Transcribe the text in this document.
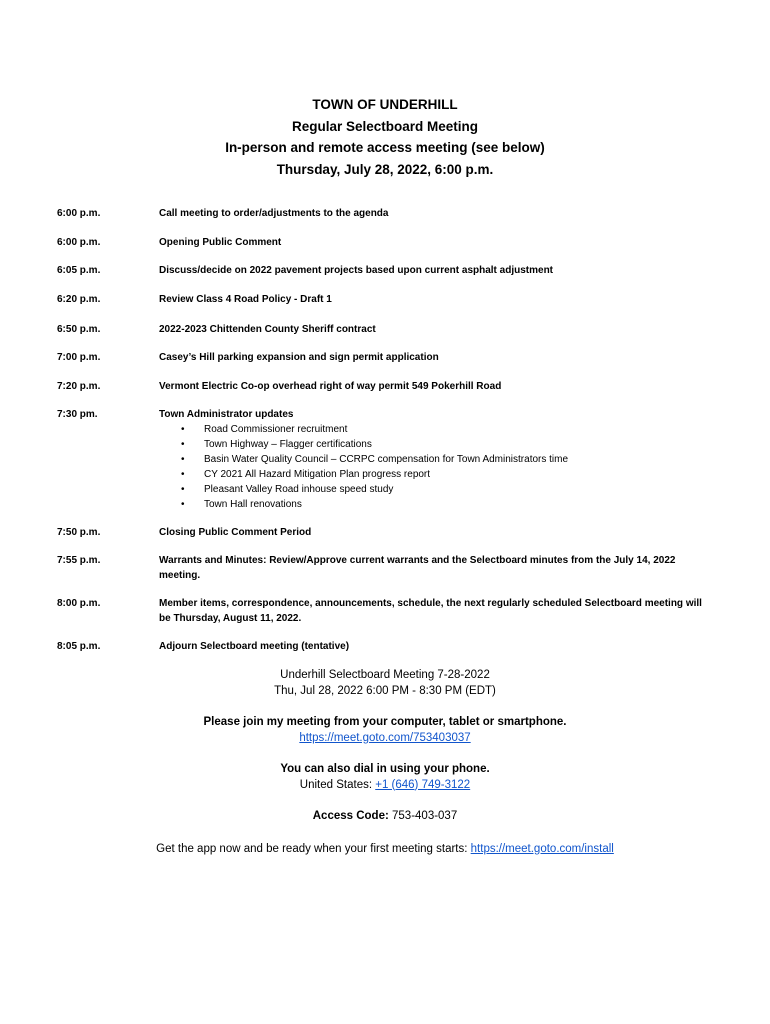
TOWN OF UNDERHILL
Regular Selectboard Meeting
In-person and remote access meeting (see below)
Thursday, July 28, 2022, 6:00 p.m.
6:00 p.m.	Call meeting to order/adjustments to the agenda
6:00 p.m.	Opening Public Comment
6:05 p.m.	Discuss/decide on 2022 pavement projects based upon current asphalt adjustment
6:20 p.m.	Review Class 4 Road Policy - Draft 1
6:50 p.m.	2022-2023 Chittenden County Sheriff contract
7:00 p.m.	Casey’s Hill parking expansion and sign permit application
7:20 p.m.	Vermont Electric Co-op overhead right of way permit 549 Pokerhill Road
7:30 pm.	Town Administrator updates
• Road Commissioner recruitment
• Town Highway – Flagger certifications
• Basin Water Quality Council – CCRPC compensation for Town Administrators time
• CY 2021 All Hazard Mitigation Plan progress report
• Pleasant Valley Road inhouse speed study
• Town Hall renovations
7:50 p.m.	Closing Public Comment Period
7:55 p.m.	Warrants and Minutes: Review/Approve current warrants and the Selectboard minutes from the July 14, 2022 meeting.
8:00 p.m.	Member items, correspondence, announcements, schedule, the next regularly scheduled Selectboard meeting will be Thursday, August 11, 2022.
8:05 p.m.	Adjourn Selectboard meeting (tentative)
Underhill Selectboard Meeting 7-28-2022
Thu, Jul 28, 2022 6:00 PM - 8:30 PM (EDT)
Please join my meeting from your computer, tablet or smartphone.
https://meet.goto.com/753403037
You can also dial in using your phone.
United States: +1 (646) 749-3122
Access Code: 753-403-037
Get the app now and be ready when your first meeting starts: https://meet.goto.com/install
